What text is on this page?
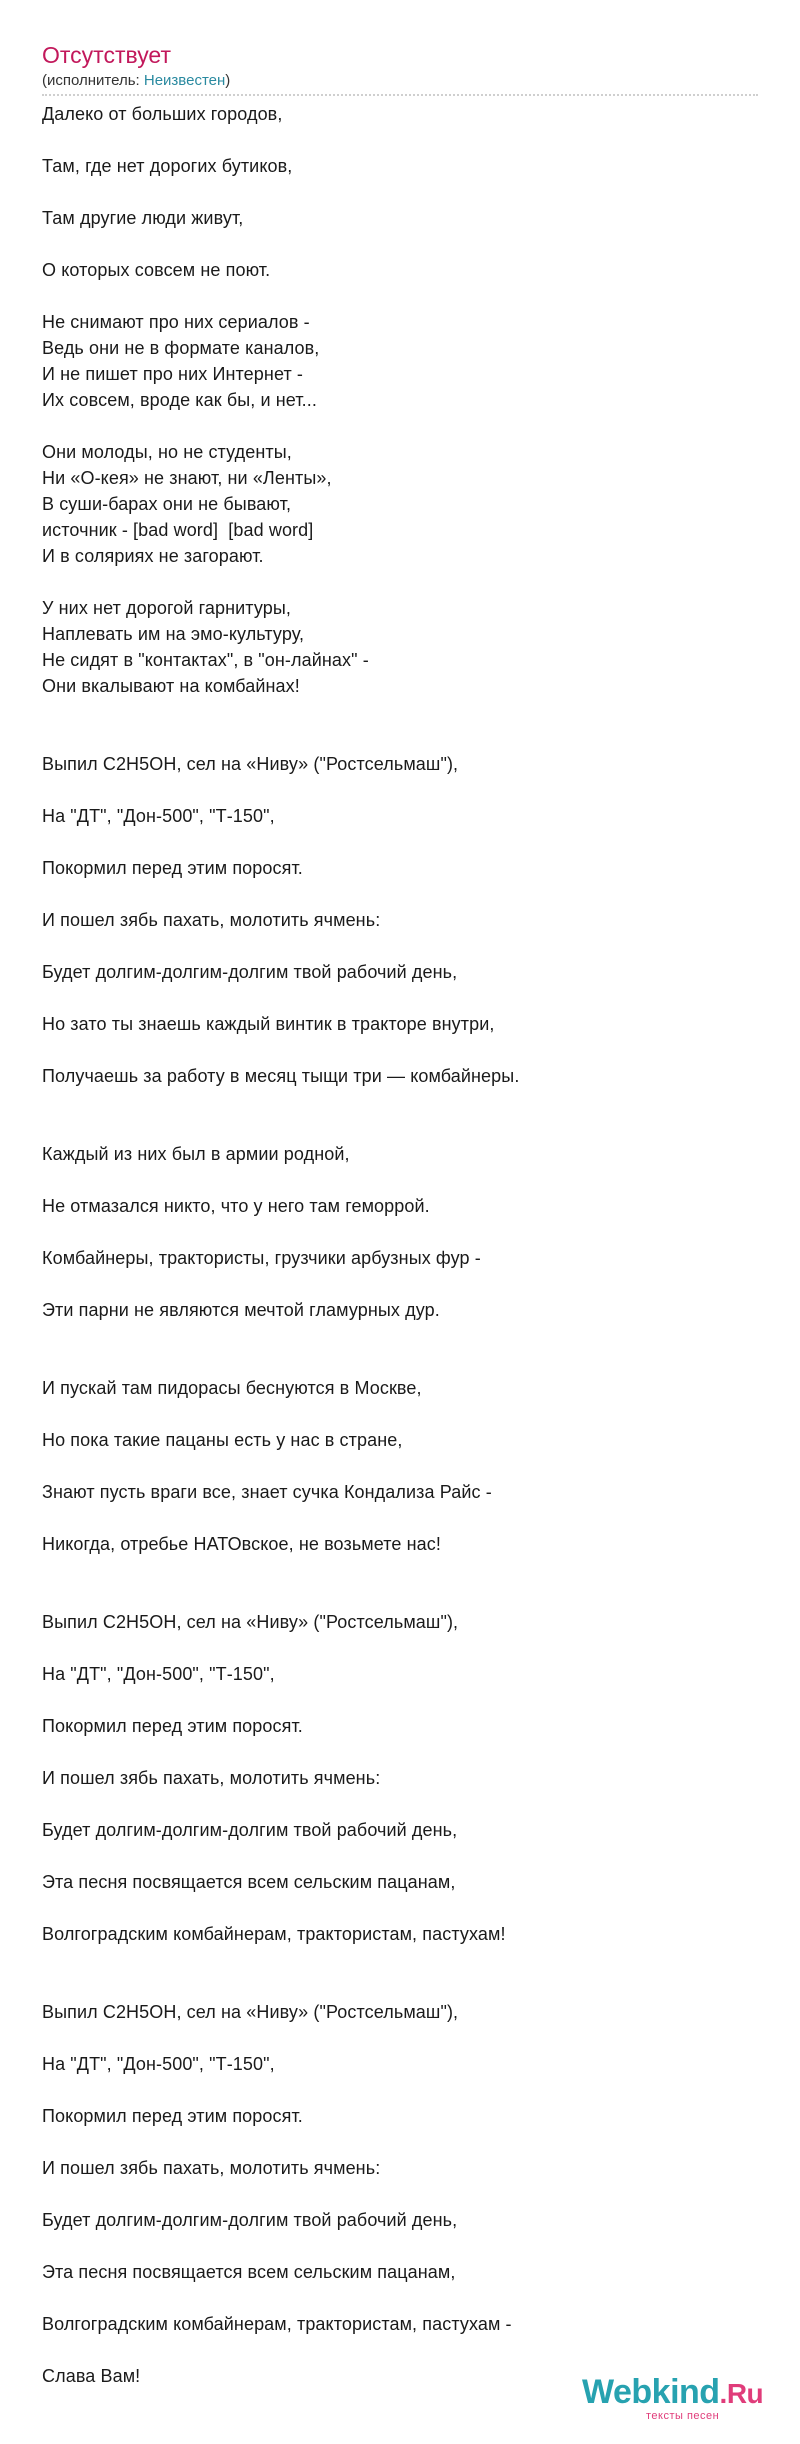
Отсутствует
(исполнитель: Неизвестен)
Далеко от больших городов,
Там, где нет дорогих бутиков,
Там другие люди живут,
О которых совсем не поют.
Не снимают про них сериалов -
Ведь они не в формате каналов,
И не пишет про них Интернет -
Их совсем, вроде как бы, и нет...
Они молоды, но не студенты,
Ни «О-кея» не знают, ни «Ленты»,
В суши-барах они не бывают,
источник - [bad word]  [bad word]
И в соляриях не загорают.
У них нет дорогой гарнитуры,
Наплевать им на эмо-культуру,
Не сидят в "контактах", в "он-лайнах" -
Они вкалывают на комбайнах!
Выпил С2Н5ОН, сел на «Ниву» ("Ростсельмаш"),
На "ДТ", "Дон-500", "Т-150",
Покормил перед этим поросят.
И пошел зябь пахать, молотить ячмень:
Будет долгим-долгим-долгим твой рабочий день,
Но зато ты знаешь каждый винтик в тракторе внутри,
Получаешь за работу в месяц тыщи три — комбайнеры.
Каждый из них был в армии родной,
Не отмазался никто, что у него там геморрой.
Комбайнеры, трактористы, грузчики арбузных фур -
Эти парни не являются мечтой гламурных дур.
И пускай там пидорасы беснуются в Москве,
Но пока такие пацаны есть у нас в стране,
Знают пусть враги все, знает сучка Кондализа Райс -
Никогда, отребье НАТОвское, не возьмете нас!
Выпил С2Н5ОН, сел на «Ниву» ("Ростсельмаш"),
На "ДТ", "Дон-500", "Т-150",
Покормил перед этим поросят.
И пошел зябь пахать, молотить ячмень:
Будет долгим-долгим-долгим твой рабочий день,
Эта песня посвящается всем сельским пацанам,
Волгоградским комбайнерам, трактористам, пастухам!
Выпил С2Н5ОН, сел на «Ниву» ("Ростсельмаш"),
На "ДТ", "Дон-500", "Т-150",
Покормил перед этим поросят.
И пошел зябь пахать, молотить ячмень:
Будет долгим-долгим-долгим твой рабочий день,
Эта песня посвящается всем сельским пацанам,
Волгоградским комбайнерам, трактористам, пастухам -
Слава Вам!	Webkind.Ru
тексты песен
